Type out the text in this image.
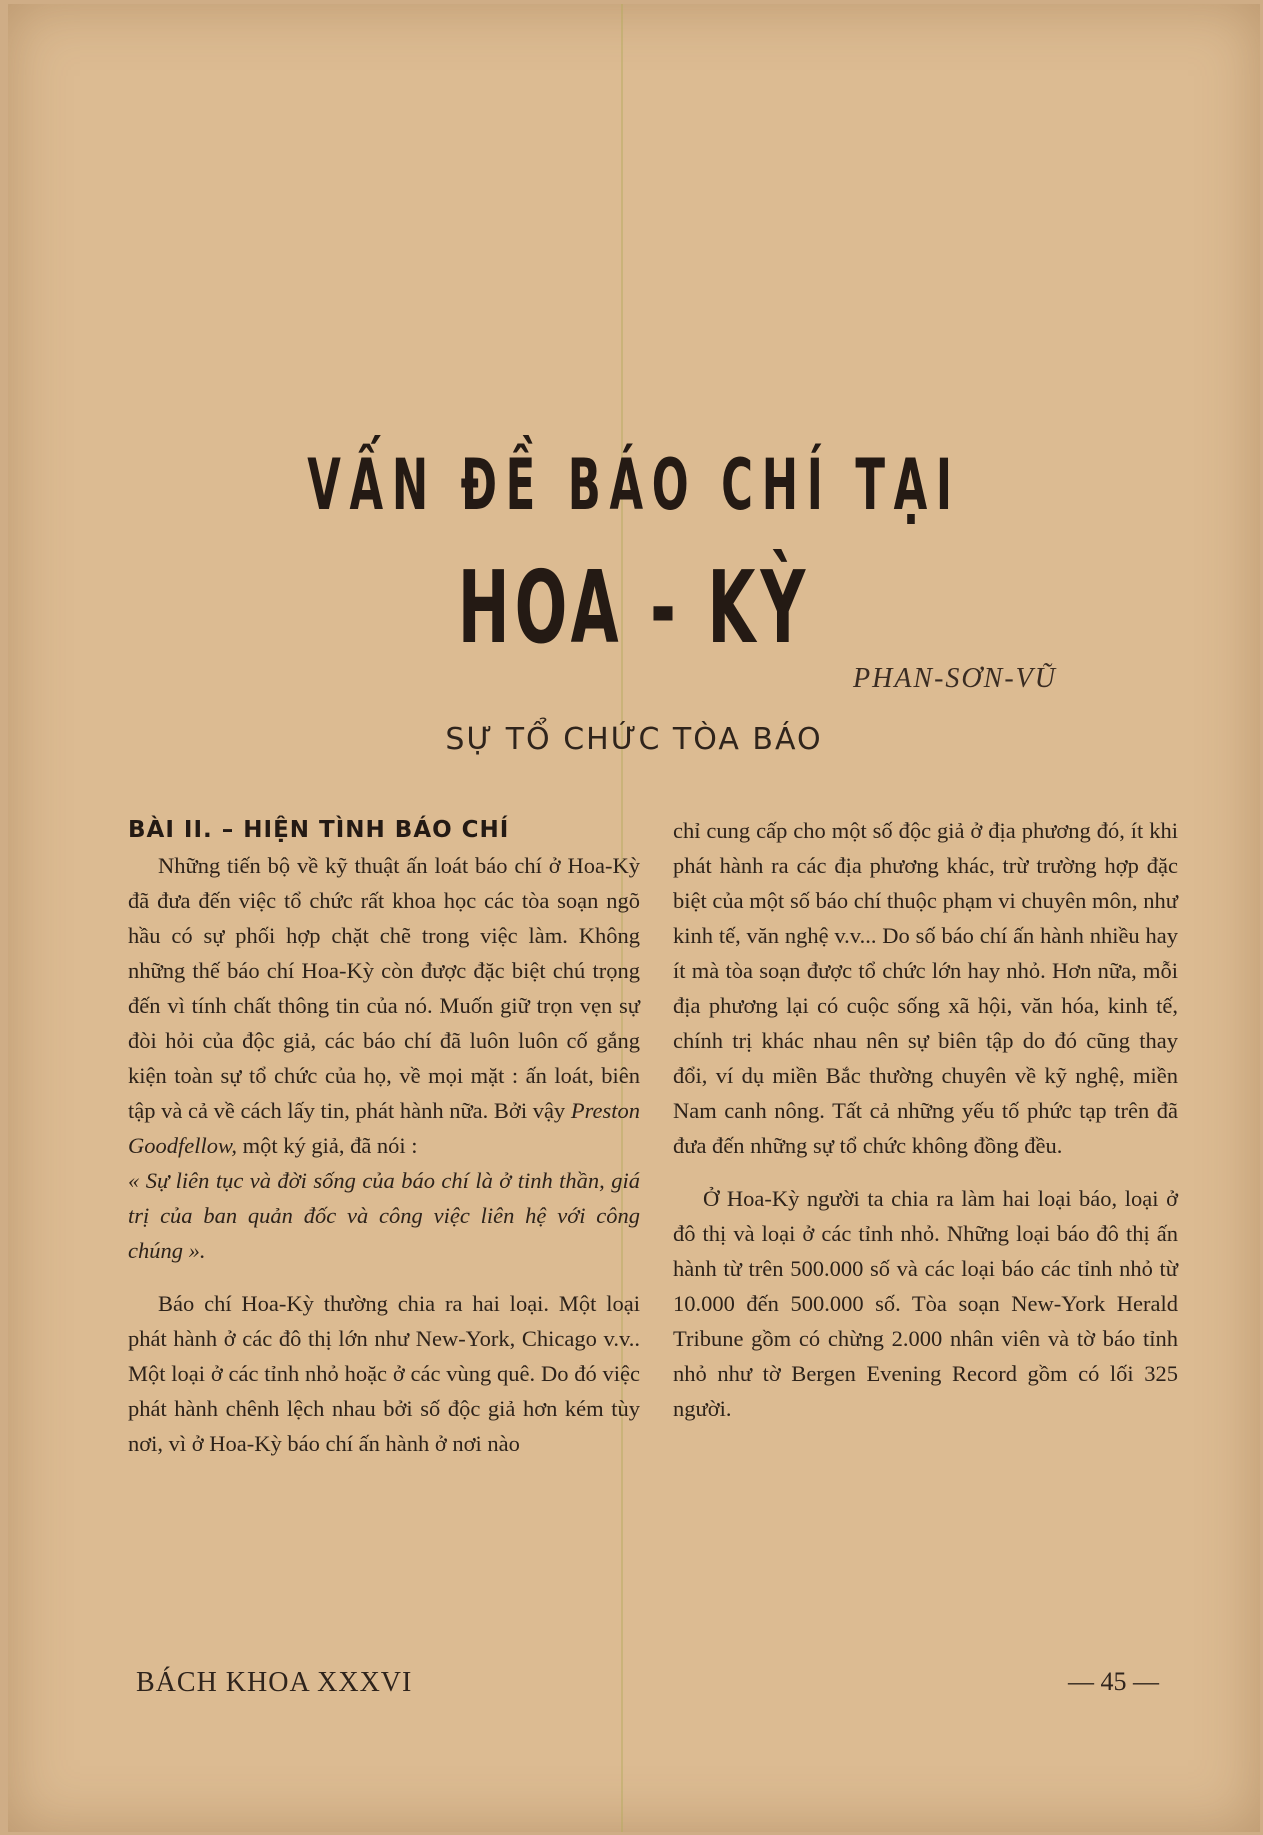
VẤN ĐỀ BÁO CHÍ TẠI
HOA - KỲ
PHAN-SƠN-VŨ
SỰ TỔ CHỨC TÒA BÁO

BÀI II. – HIỆN TÌNH BÁO CHÍ

Những tiến bộ về kỹ thuật ấn loát báo chí ở Hoa-Kỳ đã đưa đến việc tổ chức rất khoa học các tòa soạn ngõ hầu có sự phối hợp chặt chẽ trong việc làm. Không những thế báo chí Hoa-Kỳ còn được đặc biệt chú trọng đến vì tính chất thông tin của nó. Muốn giữ trọn vẹn sự đòi hỏi của độc giả, các báo chí đã luôn luôn cố gắng kiện toàn sự tổ chức của họ, về mọi mặt : ấn loát, biên tập và cả về cách lấy tin, phát hành nữa. Bởi vậy Preston Goodfellow, một ký giả, đã nói :

« Sự liên tục và đời sống của báo chí là ở tinh thần, giá trị của ban quản đốc và công việc liên hệ với công chúng ».

Báo chí Hoa-Kỳ thường chia ra hai loại. Một loại phát hành ở các đô thị lớn như New-York, Chicago v.v.. Một loại ở các tỉnh nhỏ hoặc ở các vùng quê. Do đó việc phát hành chênh lệch nhau bởi số độc giả hơn kém tùy nơi, vì ở Hoa-Kỳ báo chí ấn hành ở nơi nào

chỉ cung cấp cho một số độc giả ở địa phương đó, ít khi phát hành ra các địa phương khác, trừ trường hợp đặc biệt của một số báo chí thuộc phạm vi chuyên môn, như kinh tế, văn nghệ v.v... Do số báo chí ấn hành nhiều hay ít mà tòa soạn được tổ chức lớn hay nhỏ. Hơn nữa, mỗi địa phương lại có cuộc sống xã hội, văn hóa, kinh tế, chính trị khác nhau nên sự biên tập do đó cũng thay đổi, ví dụ miền Bắc thường chuyên về kỹ nghệ, miền Nam canh nông. Tất cả những yếu tố phức tạp trên đã đưa đến những sự tổ chức không đồng đều.

Ở Hoa-Kỳ người ta chia ra làm hai loại báo, loại ở đô thị và loại ở các tỉnh nhỏ. Những loại báo đô thị ấn hành từ trên 500.000 số và các loại báo các tỉnh nhỏ từ 10.000 đến 500.000 số. Tòa soạn New-York Herald Tribune gồm có chừng 2.000 nhân viên và tờ báo tỉnh nhỏ như tờ Bergen Evening Record gồm có lối 325 người.

BÁCH KHOA XXXVI	— 45 —
